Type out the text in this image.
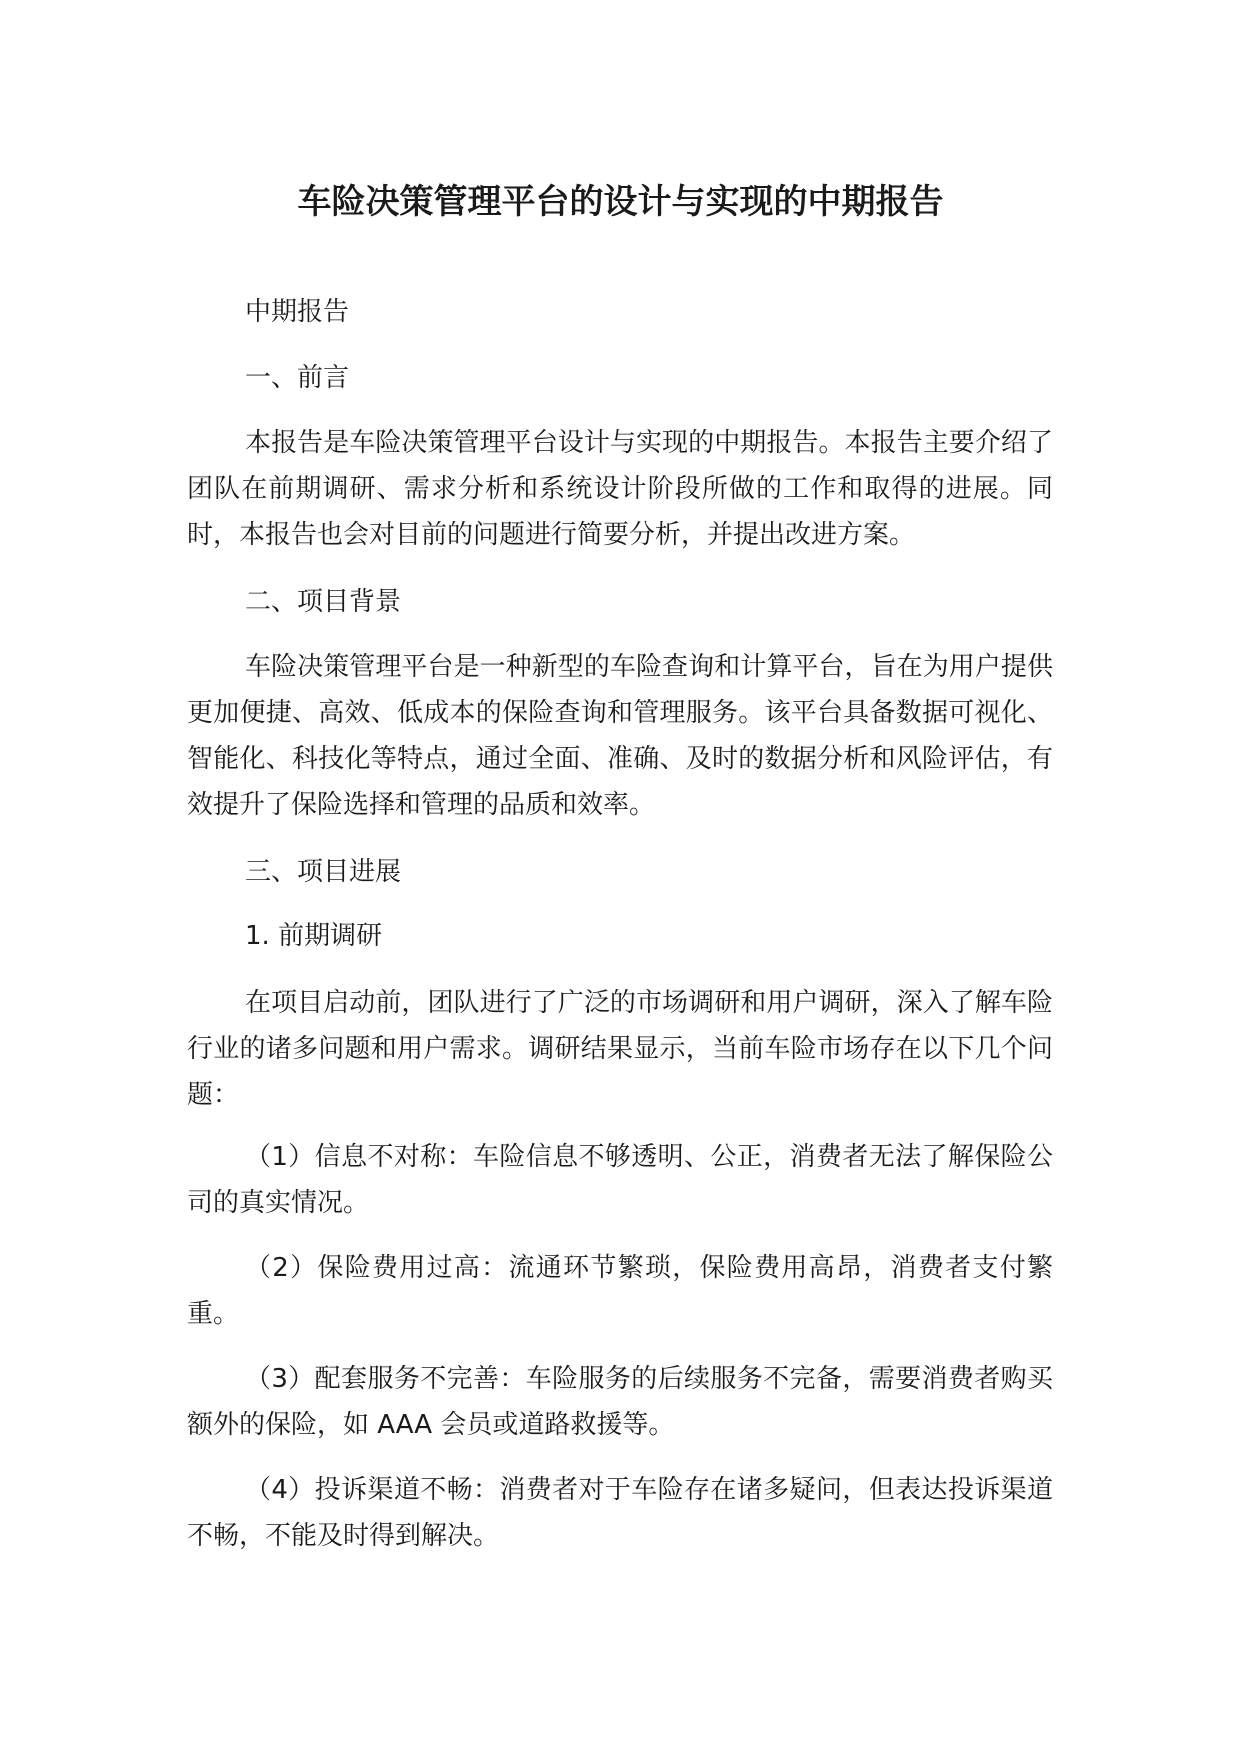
车险决策管理平台的设计与实现的中期报告
中期报告
一、前言
本报告是车险决策管理平台设计与实现的中期报告。本报告主要介绍了团队在前期调研、需求分析和系统设计阶段所做的工作和取得的进展。同时，本报告也会对目前的问题进行简要分析，并提出改进方案。
二、项目背景
车险决策管理平台是一种新型的车险查询和计算平台，旨在为用户提供更加便捷、高效、低成本的保险查询和管理服务。该平台具备数据可视化、智能化、科技化等特点，通过全面、准确、及时的数据分析和风险评估，有效提升了保险选择和管理的品质和效率。
三、项目进展
1. 前期调研
在项目启动前，团队进行了广泛的市场调研和用户调研，深入了解车险行业的诸多问题和用户需求。调研结果显示，当前车险市场存在以下几个问题：
（1）信息不对称：车险信息不够透明、公正，消费者无法了解保险公司的真实情况。
（2）保险费用过高：流通环节繁琐，保险费用高昂，消费者支付繁重。
（3）配套服务不完善：车险服务的后续服务不完备，需要消费者购买额外的保险，如 AAA 会员或道路救援等。
（4）投诉渠道不畅：消费者对于车险存在诸多疑问，但表达投诉渠道不畅，不能及时得到解决。
